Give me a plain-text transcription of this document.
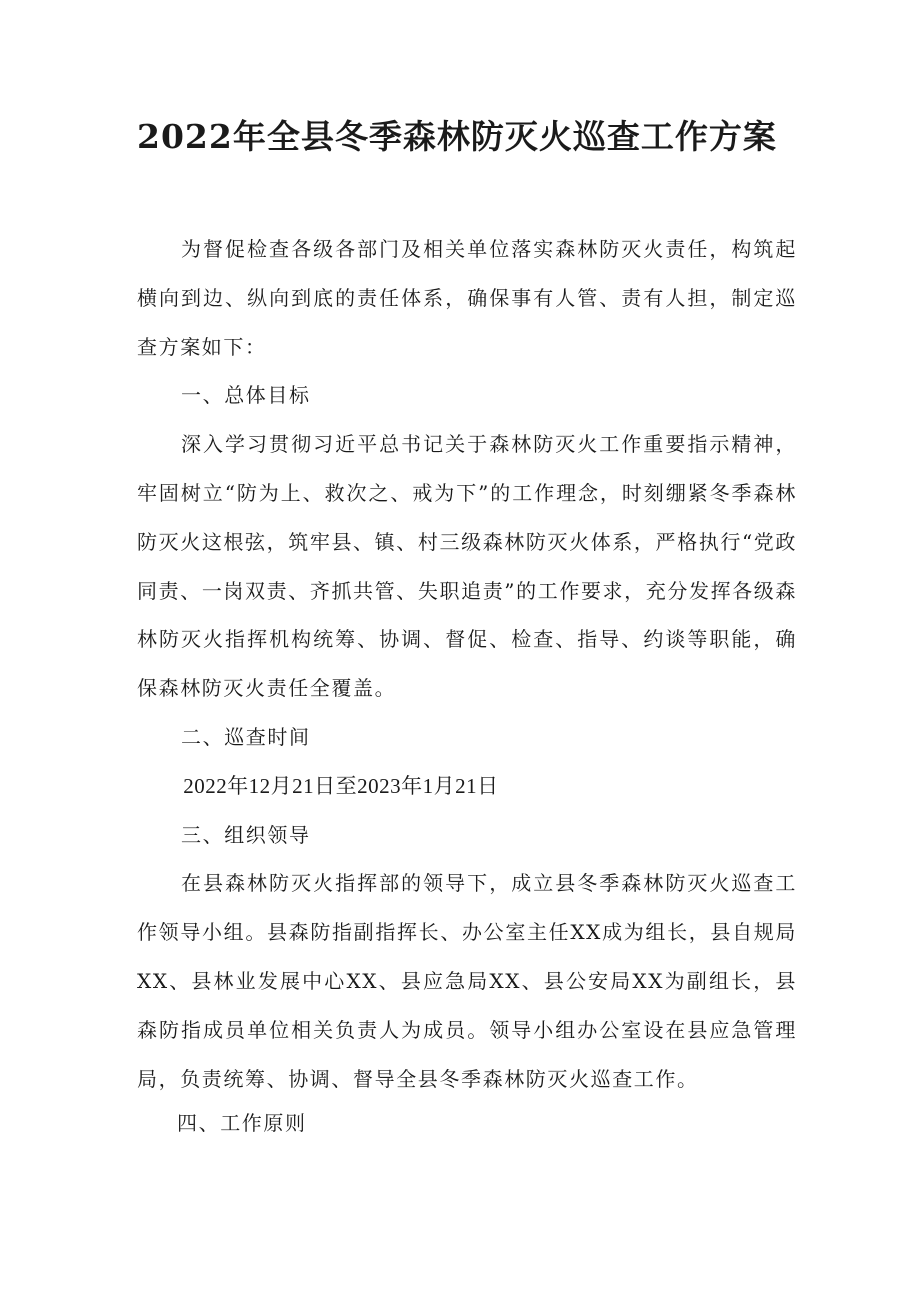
2022年全县冬季森林防灭火巡查工作方案

为督促检查各级各部门及相关单位落实森林防灭火责任，构筑起横向到边、纵向到底的责任体系，确保事有人管、责有人担，制定巡查方案如下：

一、总体目标

深入学习贯彻习近平总书记关于森林防灭火工作重要指示精神，牢固树立“防为上、救次之、戒为下”的工作理念，时刻绷紧冬季森林防灭火这根弦，筑牢县、镇、村三级森林防灭火体系，严格执行“党政同责、一岗双责、齐抓共管、失职追责”的工作要求，充分发挥各级森林防灭火指挥机构统筹、协调、督促、检查、指导、约谈等职能，确保森林防灭火责任全覆盖。

二、巡查时间

2022年12月21日至2023年1月21日

三、组织领导

在县森林防灭火指挥部的领导下，成立县冬季森林防灭火巡查工作领导小组。县森防指副指挥长、办公室主任XX成为组长，县自规局XX、县林业发展中心XX、县应急局XX、县公安局XX为副组长，县森防指成员单位相关负责人为成员。领导小组办公室设在县应急管理局，负责统筹、协调、督导全县冬季森林防灭火巡查工作。

四、工作原则
